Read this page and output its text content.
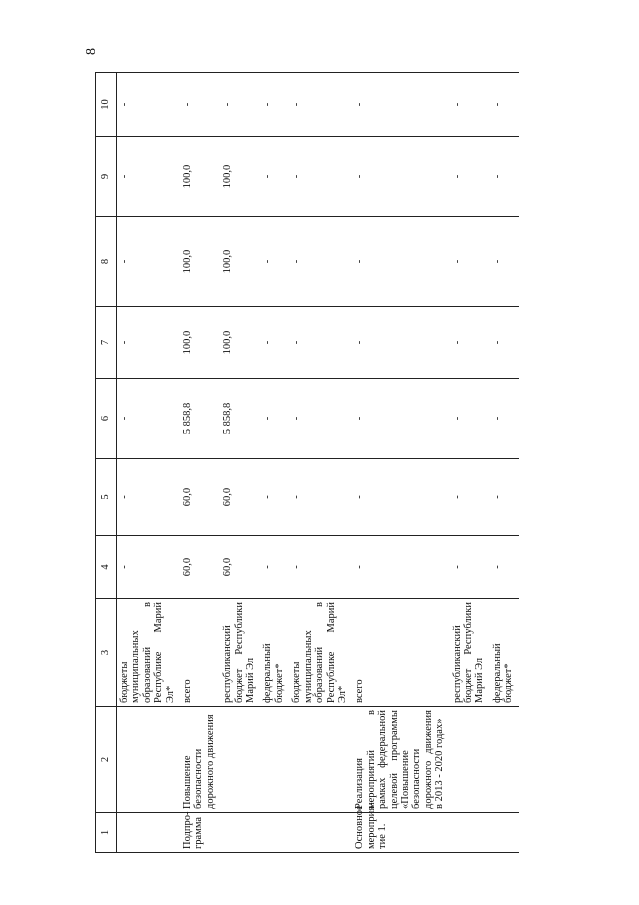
8
1	2	3	4	5	6	7	8	9	10
		бюджеты муниципальных образований в Республике Марий Эл*	-	-	-	-	-	-	-
Подпро-
грамма	Повышение безопасности дорожного движения	всего	60,0	60,0	5 858,8	100,0	100,0	100,0	-
		республиканский бюджет Республики Марий Эл	60,0	60,0	5 858,8	100,0	100,0	100,0	-
		федеральный бюджет*	-	-	-	-	-	-	-
		бюджеты муниципальных образований в Республике Марий Эл*	-	-	-	-	-	-	-
Основное мероприя-
тие 1.	Реализация мероприятий в рамках федеральной целевой программы «Повышение безопасности дорожного движения в 2013 - 2020 годах»	всего	-	-	-	-	-	-	-
		республиканский бюджет Республики Марий Эл	-	-	-	-	-	-	-
		федеральный бюджет*	-	-	-	-	-	-	-
